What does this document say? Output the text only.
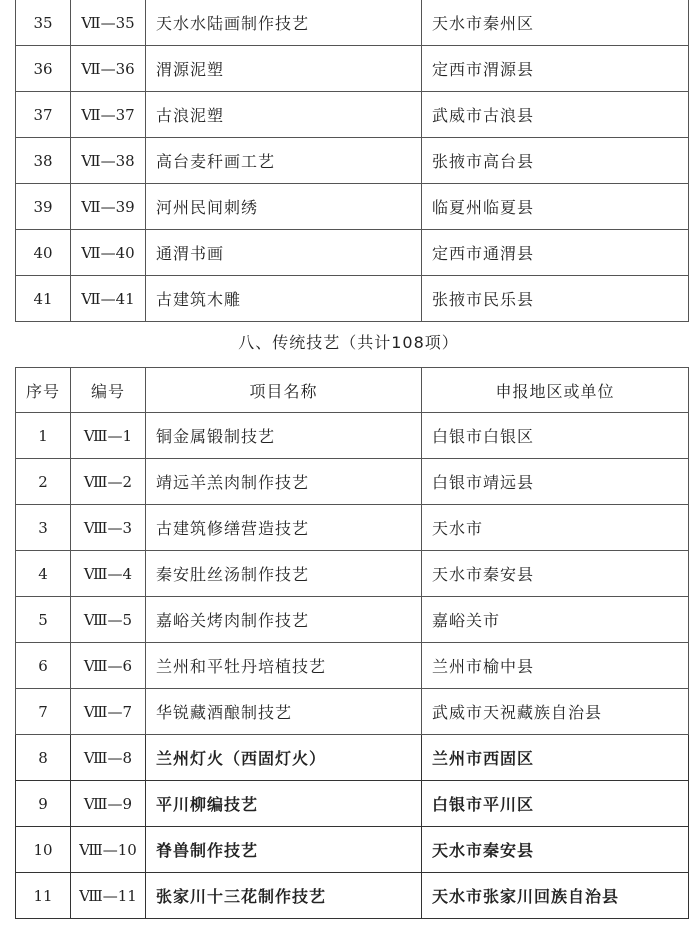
35	Ⅶ—35	天水水陆画制作技艺	天水市秦州区
36	Ⅶ—36	渭源泥塑	定西市渭源县
37	Ⅶ—37	古浪泥塑	武威市古浪县
38	Ⅶ—38	高台麦秆画工艺	张掖市高台县
39	Ⅶ—39	河州民间刺绣	临夏州临夏县
40	Ⅶ—40	通渭书画	定西市通渭县
41	Ⅶ—41	古建筑木雕	张掖市民乐县
八、传统技艺（共计108项）
序号	编号	项目名称	申报地区或单位
1	Ⅷ—1	铜金属锻制技艺	白银市白银区
2	Ⅷ—2	靖远羊羔肉制作技艺	白银市靖远县
3	Ⅷ—3	古建筑修缮营造技艺	天水市
4	Ⅷ—4	秦安肚丝汤制作技艺	天水市秦安县
5	Ⅷ—5	嘉峪关烤肉制作技艺	嘉峪关市
6	Ⅷ—6	兰州和平牡丹培植技艺	兰州市榆中县
7	Ⅷ—7	华锐藏酒酿制技艺	武威市天祝藏族自治县
8	Ⅷ—8	兰州灯火（西固灯火）	兰州市西固区
9	Ⅷ—9	平川柳编技艺	白银市平川区
10	Ⅷ—10	脊兽制作技艺	天水市秦安县
11	Ⅷ—11	张家川十三花制作技艺	天水市张家川回族自治县
